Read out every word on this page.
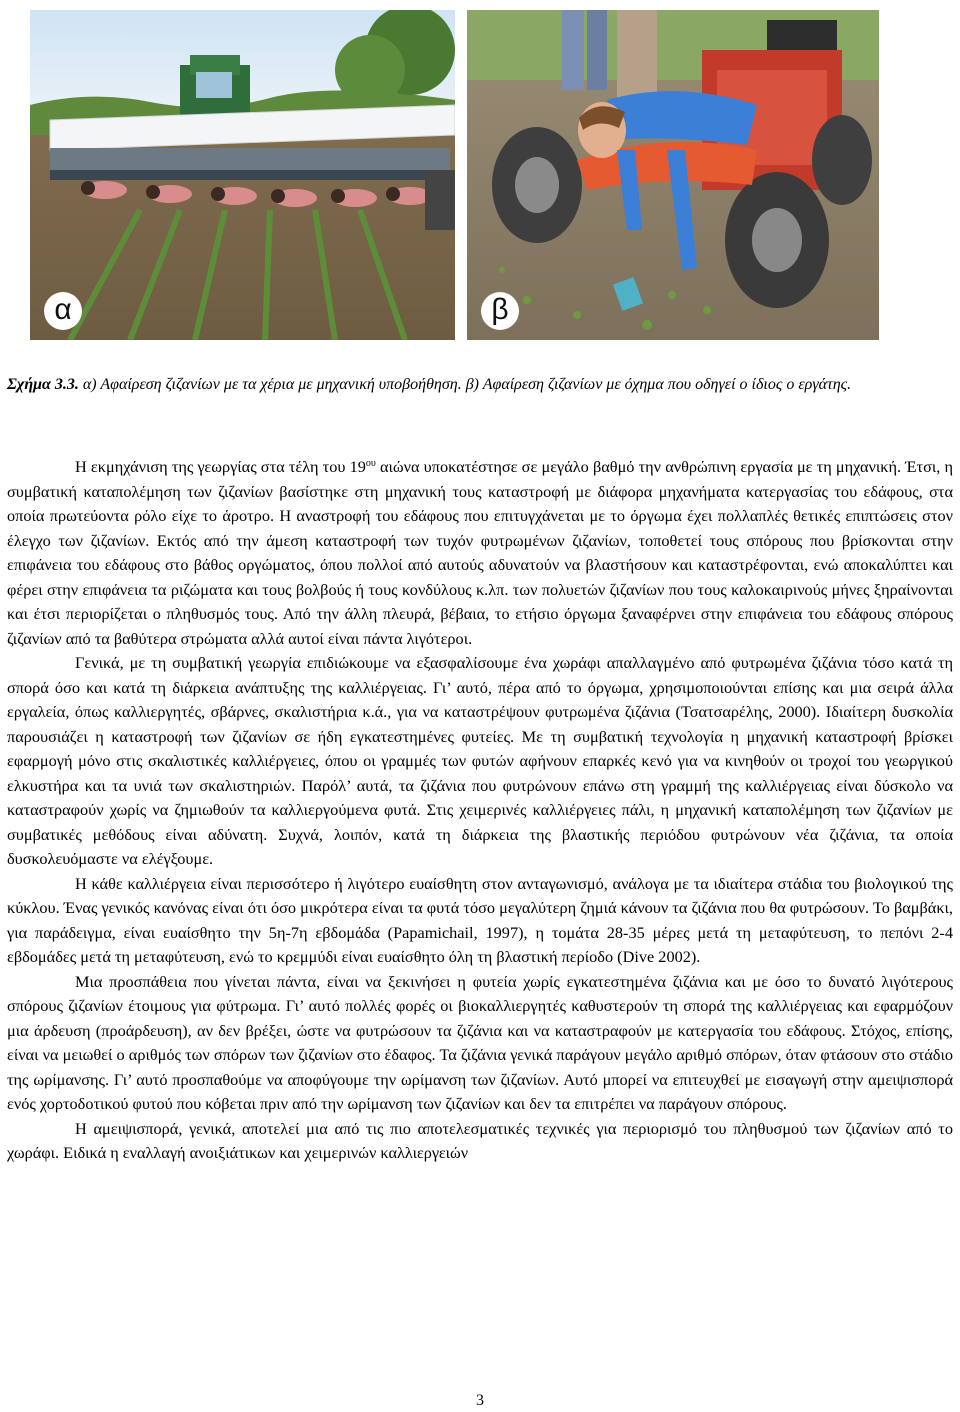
α	β
Σχήμα 3.3. α) Αφαίρεση ζιζανίων με τα χέρια με μηχανική υποβοήθηση. β) Αφαίρεση ζιζανίων με όχημα που οδηγεί ο ίδιος ο εργάτης.

Η εκμηχάνιση της γεωργίας στα τέλη του $19^{o\upsilon}$ αιώνα υποκατέστησε σε μεγάλο βαθμό την ανθρώπινη εργασία με τη μηχανική. Έτσι, η συμβατική καταπολέμηση των ζιζανίων βασίστηκε στη μηχανική τους καταστροφή με διάφορα μηχανήματα κατεργασίας του εδάφους, στα οποία πρωτεύοντα ρόλο είχε το άροτρο. Η αναστροφή του εδάφους που επιτυγχάνεται με το όργωμα έχει πολλαπλές θετικές επιπτώσεις στον έλεγχο των ζιζανίων. Εκτός από την άμεση καταστροφή των τυχόν φυτρωμένων ζιζανίων, τοποθετεί τους σπόρους που βρίσκονται στην επιφάνεια του εδάφους στο βάθος οργώματος, όπου πολλοί από αυτούς αδυνατούν να βλαστήσουν και καταστρέφονται, ενώ αποκαλύπτει και φέρει στην επιφάνεια τα ριζώματα και τους βολβούς ή τους κονδύλους κ.λπ. των πολυετών ζιζανίων που τους καλοκαιρινούς μήνες ξηραίνονται και έτσι περιορίζεται ο πληθυσμός τους. Από την άλλη πλευρά, βέβαια, το ετήσιο όργωμα ξαναφέρνει στην επιφάνεια του εδάφους σπόρους ζιζανίων από τα βαθύτερα στρώματα αλλά αυτοί είναι πάντα λιγότεροι.

Γενικά, με τη συμβατική γεωργία επιδιώκουμε να εξασφαλίσουμε ένα χωράφι απαλλαγμένο από φυτρωμένα ζιζάνια τόσο κατά τη σπορά όσο και κατά τη διάρκεια ανάπτυξης της καλλιέργειας. Γι’ αυτό, πέρα από το όργωμα, χρησιμοποιούνται επίσης και μια σειρά άλλα εργαλεία, όπως καλλιεργητές, σβάρνες, σκαλιστήρια κ.ά., για να καταστρέψουν φυτρωμένα ζιζάνια (Τσατσαρέλης, 2000). Ιδιαίτερη δυσκολία παρουσιάζει η καταστροφή των ζιζανίων σε ήδη εγκατεστημένες φυτείες. Με τη συμβατική τεχνολογία η μηχανική καταστροφή βρίσκει εφαρμογή μόνο στις σκαλιστικές καλλιέργειες, όπου οι γραμμές των φυτών αφήνουν επαρκές κενό για να κινηθούν οι τροχοί του γεωργικού ελκυστήρα και τα υνιά των σκαλιστηριών. Παρόλ’ αυτά, τα ζιζάνια που φυτρώνουν επάνω στη γραμμή της καλλιέργειας είναι δύσκολο να καταστραφούν χωρίς να ζημιωθούν τα καλλιεργούμενα φυτά. Στις χειμερινές καλλιέργειες πάλι, η μηχανική καταπολέμηση των ζιζανίων με συμβατικές μεθόδους είναι αδύνατη. Συχνά, λοιπόν, κατά τη διάρκεια της βλαστικής περιόδου φυτρώνουν νέα ζιζάνια, τα οποία δυσκολευόμαστε να ελέγξουμε.

Η κάθε καλλιέργεια είναι περισσότερο ή λιγότερο ευαίσθητη στον ανταγωνισμό, ανάλογα με τα ιδιαίτερα στάδια του βιολογικού της κύκλου. Ένας γενικός κανόνας είναι ότι όσο μικρότερα είναι τα φυτά τόσο μεγαλύτερη ζημιά κάνουν τα ζιζάνια που θα φυτρώσουν. Το βαμβάκι, για παράδειγμα, είναι ευαίσθητο την 5η-7η εβδομάδα (Papamichail, 1997), η τομάτα 28-35 μέρες μετά τη μεταφύτευση, το πεπόνι 2-4 εβδομάδες μετά τη μεταφύτευση, ενώ το κρεμμύδι είναι ευαίσθητο όλη τη βλαστική περίοδο (Dive 2002).

Μια προσπάθεια που γίνεται πάντα, είναι να ξεκινήσει η φυτεία χωρίς εγκατεστημένα ζιζάνια και με όσο το δυνατό λιγότερους σπόρους ζιζανίων έτοιμους για φύτρωμα. Γι’ αυτό πολλές φορές οι βιοκαλλιεργητές καθυστερούν τη σπορά της καλλιέργειας και εφαρμόζουν μια άρδευση (προάρδευση), αν δεν βρέξει, ώστε να φυτρώσουν τα ζιζάνια και να καταστραφούν με κατεργασία του εδάφους. Στόχος, επίσης, είναι να μειωθεί ο αριθμός των σπόρων των ζιζανίων στο έδαφος. Τα ζιζάνια γενικά παράγουν μεγάλο αριθμό σπόρων, όταν φτάσουν στο στάδιο της ωρίμανσης. Γι’ αυτό προσπαθούμε να αποφύγουμε την ωρίμανση των ζιζανίων. Αυτό μπορεί να επιτευχθεί με εισαγωγή στην αμειψισπορά ενός χορτοδοτικού φυτού που κόβεται πριν από την ωρίμανση των ζιζανίων και δεν τα επιτρέπει να παράγουν σπόρους.

Η αμειψισπορά, γενικά, αποτελεί μια από τις πιο αποτελεσματικές τεχνικές για περιορισμό του πληθυσμού των ζιζανίων από το χωράφι. Ειδικά η εναλλαγή ανοιξιάτικων και χειμερινών καλλιεργειών

3
